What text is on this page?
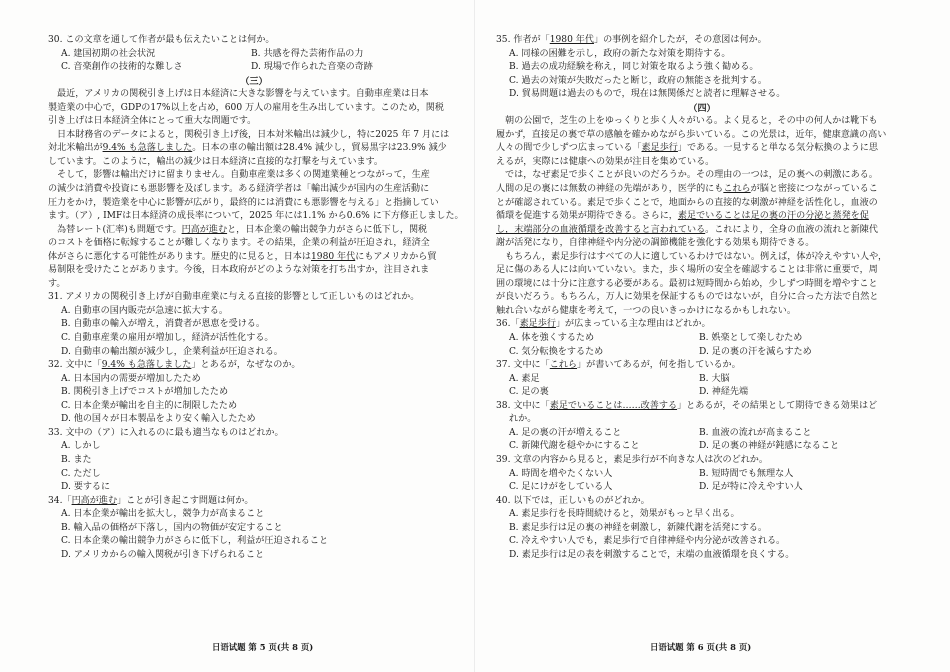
30. この文章を通して作者が最も伝えたいことは何か。
A. 建国初期の社会状況	B. 共感を得た芸術作品の力
C. 音楽創作の技術的な難しさ	D. 現場で作られた音楽の奇跡
（三）
最近，アメリカの関税引き上げは日本経済に大きな影響を与えています。自動車産業は日本
製造業の中心で，GDPの17%以上を占め，600 万人の雇用を生み出しています。このため，関税
引き上げは日本経済全体にとって重大な問題です。
日本財務省のデータによると，関税引き上げ後，日本対米輸出は減少し，特に2025 年 7 月には
対北米輸出が9.4% も急落しました。日本の車の輸出額は28.4% 減少し，貿易黒字は23.9% 減少
しています。このように，輸出の減少は日本経済に直接的な打撃を与えています。
そして，影響は輸出だけに留まりません。自動車産業は多くの関連業種とつながって，生産
の減少は消費や投資にも悪影響を及ぼします。ある経済学者は「輸出減少が国内の生産活動に
圧力をかけ，製造業を中心に影響が広がり，最終的には消費にも悪影響を与える」と指摘してい
ます。（ア）, IMFは日本経済の成長率について，2025 年には1.1% から0.6% に下方修正しました。
為替レート(汇率)も問題です。円高が進むと，日本企業の輸出競争力がさらに低下し，関税
のコストを価格に転嫁することが難しくなります。その結果，企業の利益が圧迫され，経済全
体がさらに悪化する可能性があります。歴史的に見ると，日本は1980 年代にもアメリカから貿
易制限を受けたことがあります。今後，日本政府がどのような対策を打ち出すか，注目されま
す。
31. アメリカの関税引き上げが自動車産業に与える直接的影響として正しいものはどれか。
A. 自動車の国内販売が急速に拡大する。
B. 自動車の輸入が増え，消費者が恩恵を受ける。
C. 自動車産業の雇用が増加し，経済が活性化する。
D. 自動車の輸出額が減少し，企業利益が圧迫される。
32. 文中に「9.4% も急落しました」とあるが，なぜなのか。
A. 日本国内の需要が増加したため
B. 関税引き上げでコストが増加したため
C. 日本企業が輸出を自主的に制限したため
D. 他の国々が日本製品をより安く輸入したため
33. 文中の（ア）に入れるのに最も適当なものはどれか。
A. しかし
B. また
C. ただし
D. 要するに
34.「円高が進む」ことが引き起こす問題は何か。
A. 日本企業が輸出を拡大し，競争力が高まること
B. 輸入品の価格が下落し，国内の物価が安定すること
C. 日本企業の輸出競争力がさらに低下し，利益が圧迫されること
D. アメリカからの輸入関税が引き下げられること
35. 作者が「1980 年代」の事例を紹介したが，その意図は何か。
A. 同様の困難を示し，政府の新たな対策を期待する。
B. 過去の成功経験を称え，同じ対策を取るよう強く勧める。
C. 過去の対策が失敗だったと断じ，政府の無能さを批判する。
D. 貿易問題は過去のもので，現在は無関係だと読者に理解させる。
（四）
朝の公園で，芝生の上をゆっくりと歩く人々がいる。よく見ると，その中の何人かは靴下も
履かず，直接足の裏で草の感触を確かめながら歩いている。この光景は，近年，健康意識の高い
人々の間で少しずつ広まっている「素足歩行」である。一見すると単なる気分転換のように思
えるが，実際には健康への効果が注目を集めている。
では，なぜ素足で歩くことが良いのだろうか。その理由の一つは，足の裏への刺激にある。
人間の足の裏には無数の神経の先端があり，医学的にもこれらが脳と密接につながっているこ
とが確認されている。素足で歩くことで，地面からの直接的な刺激が神経を活性化し，血液の
循環を促進する効果が期待できる。さらに，素足でいることは足の裏の汗の分泌と蒸発を促
し，末端部分の血液循環を改善すると言われている。これにより，全身の血液の流れと新陳代
謝が活発になり，自律神経や内分泌の調節機能を強化する効果も期待できる。
もちろん，素足歩行はすべての人に適しているわけではない。例えば，体が冷えやすい人や，
足に傷のある人には向いていない。また，歩く場所の安全を確認することは非常に重要で，周
囲の環境には十分に注意する必要がある。最初は短時間から始め，少しずつ時間を増やすこと
が良いだろう。もちろん，万人に効果を保証するものではないが，自分に合った方法で自然と
触れ合いながら健康を考えて，一つの良いきっかけになるかもしれない。
36.「素足歩行」が広まっている主な理由はどれか。
A. 体を強くするため	B. 娯楽として楽しむため
C. 気分転換をするため	D. 足の裏の汗を減らすため
37. 文中に「これら」が書いてあるが，何を指しているか。
A. 素足	B. 大脳
C. 足の裏	D. 神経先端
38. 文中に「素足でいることは……改善する」とあるが，その結果として期待できる効果はど
れか。
A. 足の裏の汗が増えること	B. 血液の流れが高まること
C. 新陳代謝を穏やかにすること	D. 足の裏の神経が鈍感になること
39. 文章の内容から見ると，素足歩行が不向きな人は次のどれか。
A. 時間を増やたくない人	B. 短時間でも無理な人
C. 足にけがをしている人	D. 足が特に冷えやすい人
40. 以下では，正しいものがどれか。
A. 素足歩行を長時間続けると，効果がもっと早く出る。
B. 素足歩行は足の裏の神経を刺激し，新陳代謝を活発にする。
C. 冷えやすい人でも，素足歩行で自律神経や内分泌が改善される。
D. 素足歩行は足の表を刺激することで，末端の血液循環を良くする。
日语试题 第 5 页(共 8 页)	日语试题 第 6 页(共 8 页)
